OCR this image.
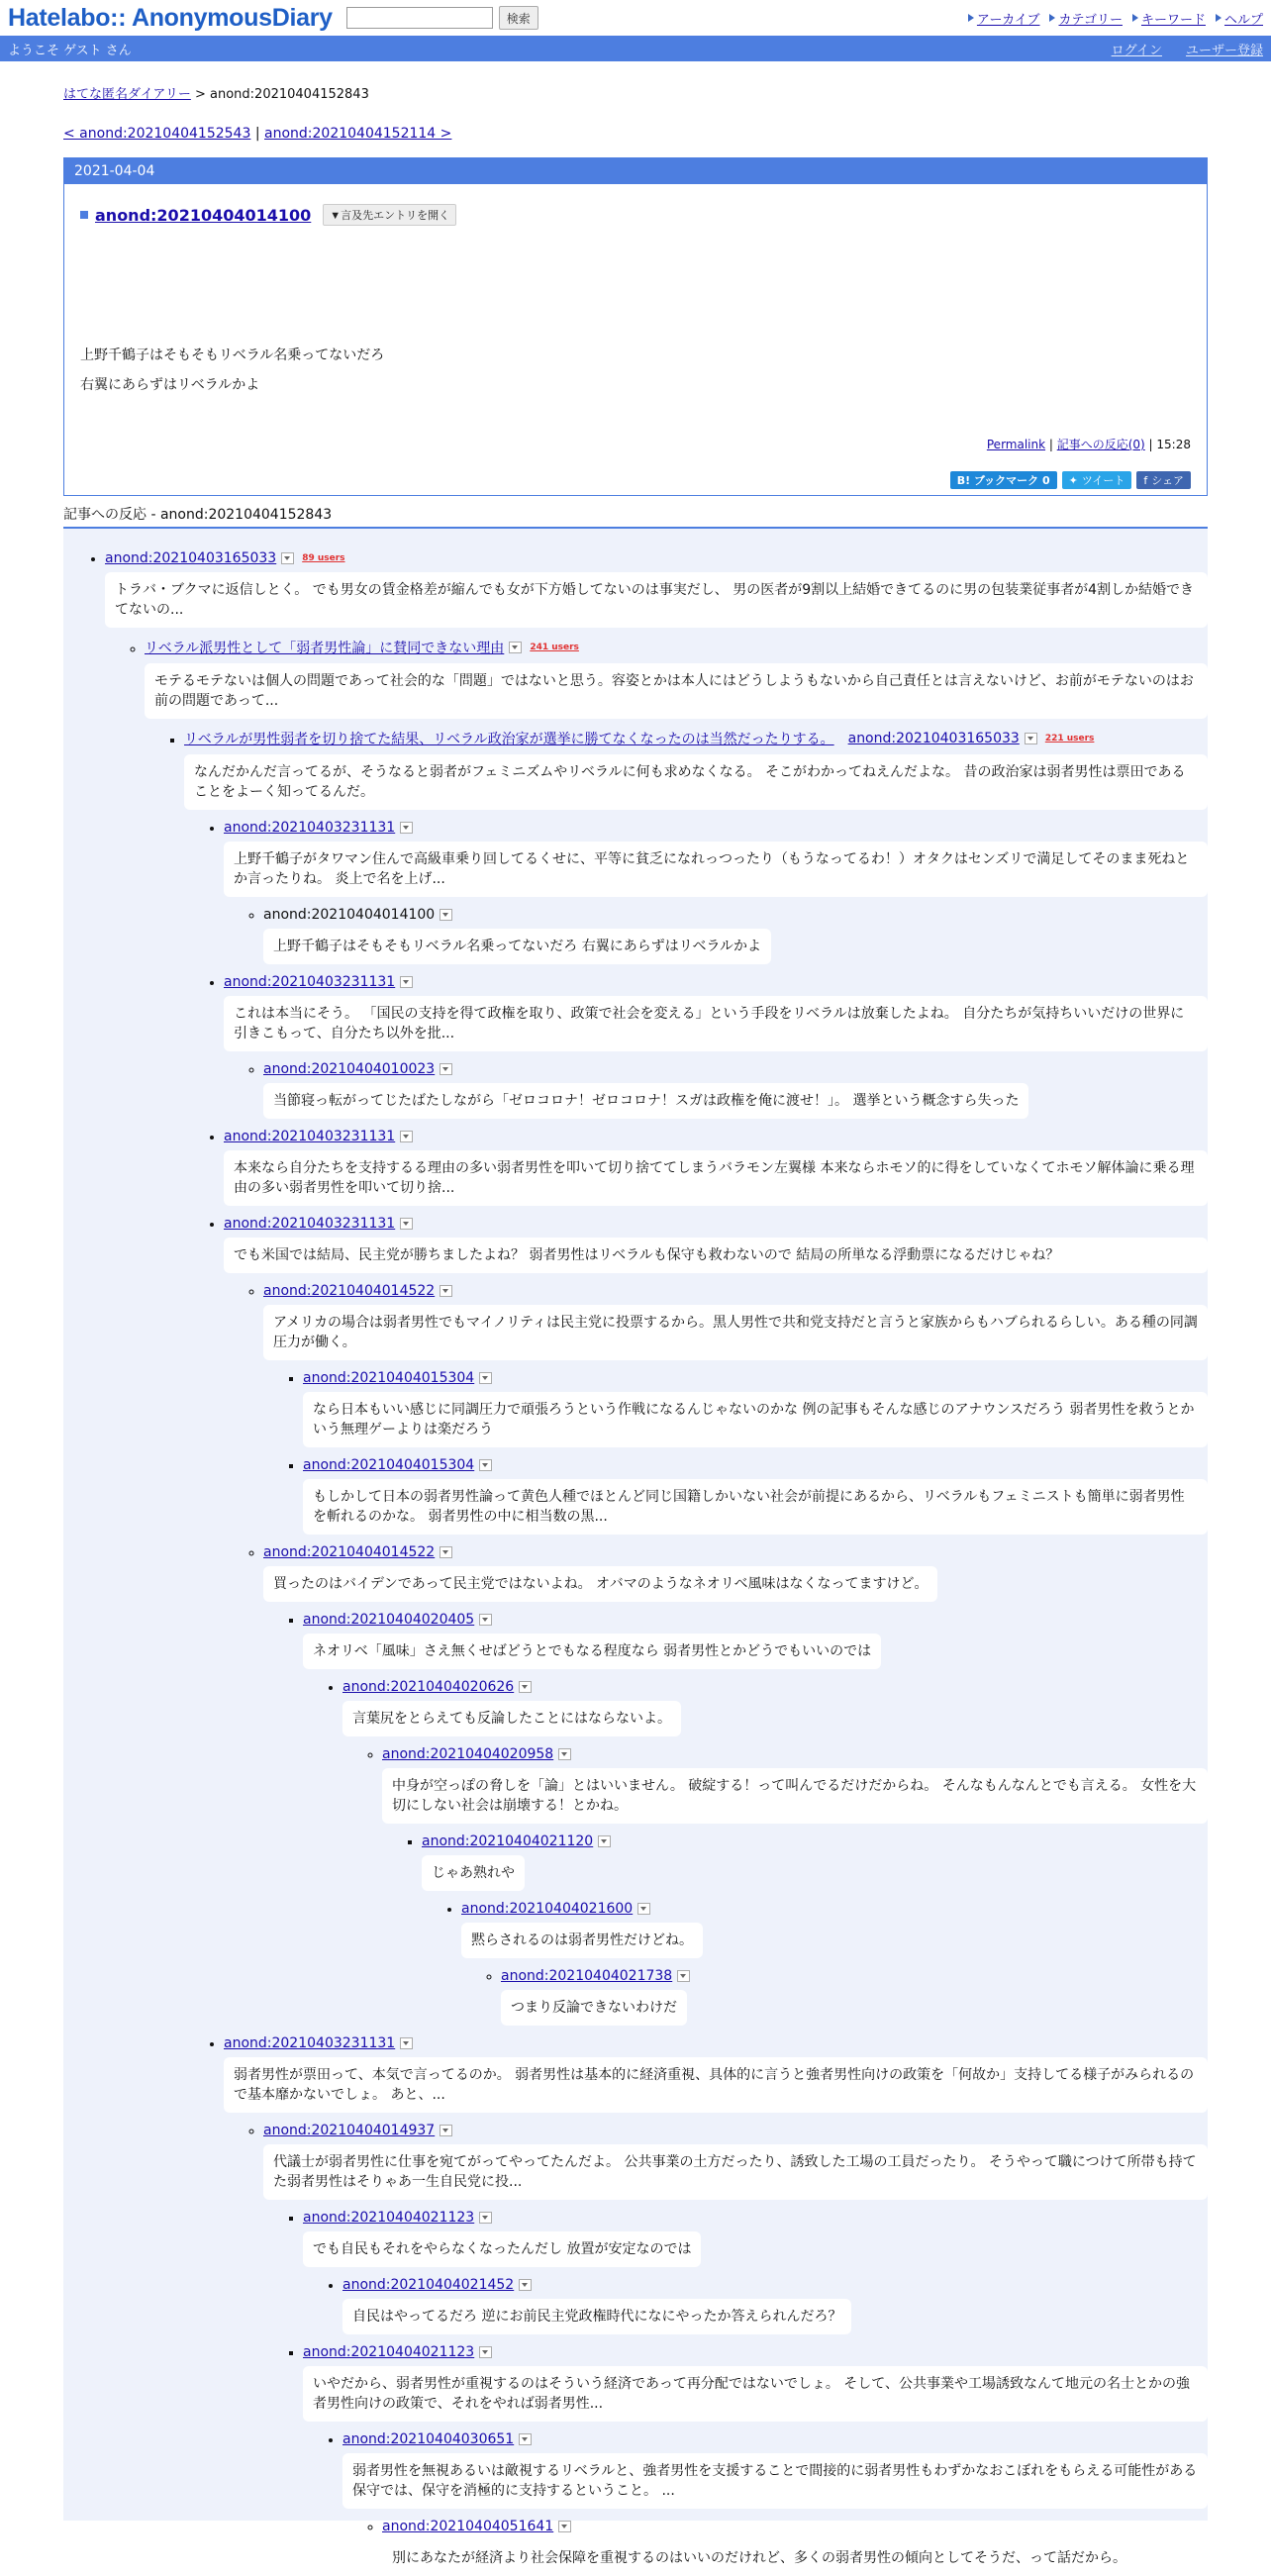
Hatelabo:: AnonymousDiary	検索	アーカイブ	カテゴリー	キーワード	ヘルプ
ようこそ ゲスト さん	ログイン ユーザー登録
はてな匿名ダイアリー > anond:20210404152843
< anond:20210404152543 | anond:20210404152114 >
2021-04-04
anond:20210404014100	▼言及先エントリを開く
上野千鶴子はそもそもリベラル名乗ってないだろ
右翼にあらずはリベラルかよ
Permalink | 記事への反応(0) | 15:28
B! ブックマーク 0 ✦ ツイート f シェア
記事への反応 - anond:20210404152843
• anond:20210403165033	89 users
トラバ・ブクマに返信しとく。 でも男女の賃金格差が縮んでも女が下方婚してないのは事実だし、 男の医者が9割以上結婚できてるのに男の包装業従事者が4割しか結婚できてないの...
◦ リベラル派男性として「弱者男性論」に賛同できない理由	241 users
モテるモテないは個人の問題であって社会的な「問題」ではないと思う。容姿とかは本人にはどうしようもないから自己責任とは言えないけど、お前がモテないのはお前の問題であって...
▪ リベラルが男性弱者を切り捨てた結果、リベラル政治家が選挙に勝てなくなったのは当然だったりする。 anond:20210403165033	221 users
なんだかんだ言ってるが、そうなると弱者がフェミニズムやリベラルに何も求めなくなる。 そこがわかってねえんだよな。 昔の政治家は弱者男性は票田であることをよーく知ってるんだ。
• anond:20210403231131
上野千鶴子がタワマン住んで高級車乗り回してるくせに、平等に貧乏になれっつったり（もうなってるわ！）オタクはセンズリで満足してそのまま死ねとか言ったりね。 炎上で名を上げ...
◦ anond:20210404014100
上野千鶴子はそもそもリベラル名乗ってないだろ 右翼にあらずはリベラルかよ
• anond:20210403231131
これは本当にそう。 「国民の支持を得て政権を取り、政策で社会を変える」という手段をリベラルは放棄したよね。 自分たちが気持ちいいだけの世界に引きこもって、自分たち以外を批...
◦ anond:20210404010023
当節寝っ転がってじたばたしながら「ゼロコロナ！ゼロコロナ！スガは政権を俺に渡せ！」。 選挙という概念すら失った
• anond:20210403231131
本来なら自分たちを支持するる理由の多い弱者男性を叩いて切り捨ててしまうバラモン左翼様 本来ならホモソ的に得をしていなくてホモソ解体論に乗る理由の多い弱者男性を叩いて切り捨...
• anond:20210403231131
でも米国では結局、民主党が勝ちましたよね？ 弱者男性はリベラルも保守も救わないので 結局の所単なる浮動票になるだけじゃね？
◦ anond:20210404014522
アメリカの場合は弱者男性でもマイノリティは民主党に投票するから。黒人男性で共和党支持だと言うと家族からもハブられるらしい。ある種の同調圧力が働く。
▪ anond:20210404015304
なら日本もいい感じに同調圧力で頑張ろうという作戦になるんじゃないのかな 例の記事もそんな感じのアナウンスだろう 弱者男性を救うとかいう無理ゲーよりは楽だろう
▪ anond:20210404015304
もしかして日本の弱者男性論って黄色人種でほとんど同じ国籍しかいない社会が前提にあるから、リベラルもフェミニストも簡単に弱者男性を斬れるのかな。 弱者男性の中に相当数の黒...
◦ anond:20210404014522
買ったのはバイデンであって民主党ではないよね。 オバマのようなネオリベ風味はなくなってますけど。
▪ anond:20210404020405
ネオリベ「風味」さえ無くせばどうとでもなる程度なら 弱者男性とかどうでもいいのでは
• anond:20210404020626
言葉尻をとらえても反論したことにはならないよ。
◦ anond:20210404020958
中身が空っぽの脅しを「論」とはいいません。 破綻する！って叫んでるだけだからね。 そんなもんなんとでも言える。 女性を大切にしない社会は崩壊する！とかね。
▪ anond:20210404021120
じゃあ熟れや
• anond:20210404021600
黙らされるのは弱者男性だけどね。
◦ anond:20210404021738
つまり反論できないわけだ
• anond:20210403231131
弱者男性が票田って、本気で言ってるのか。 弱者男性は基本的に経済重視、具体的に言うと強者男性向けの政策を「何故か」支持してる様子がみられるので基本靡かないでしょ。 あと、...
◦ anond:20210404014937
代議士が弱者男性に仕事を宛てがってやってたんだよ。 公共事業の土方だったり、誘致した工場の工員だったり。 そうやって職につけて所帯も持てた弱者男性はそりゃあ一生自民党に投...
▪ anond:20210404021123
でも自民もそれをやらなくなったんだし 放置が安定なのでは
• anond:20210404021452
自民はやってるだろ 逆にお前民主党政権時代になにやったか答えられんだろ？
▪ anond:20210404021123
いやだから、弱者男性が重視するのはそういう経済であって再分配ではないでしょ。 そして、公共事業や工場誘致なんて地元の名士とかの強者男性向けの政策で、それをやれば弱者男性...
• anond:20210404030651
弱者男性を無視あるいは敵視するリベラルと、強者男性を支援することで間接的に弱者男性もわずかなおこぼれをもらえる可能性がある保守では、保守を消極的に支持するということ。 ...
◦ anond:20210404051641
別にあなたが経済より社会保障を重視するのはいいのだけれど、多くの弱者男性の傾向としてそうだ、って話だから。
